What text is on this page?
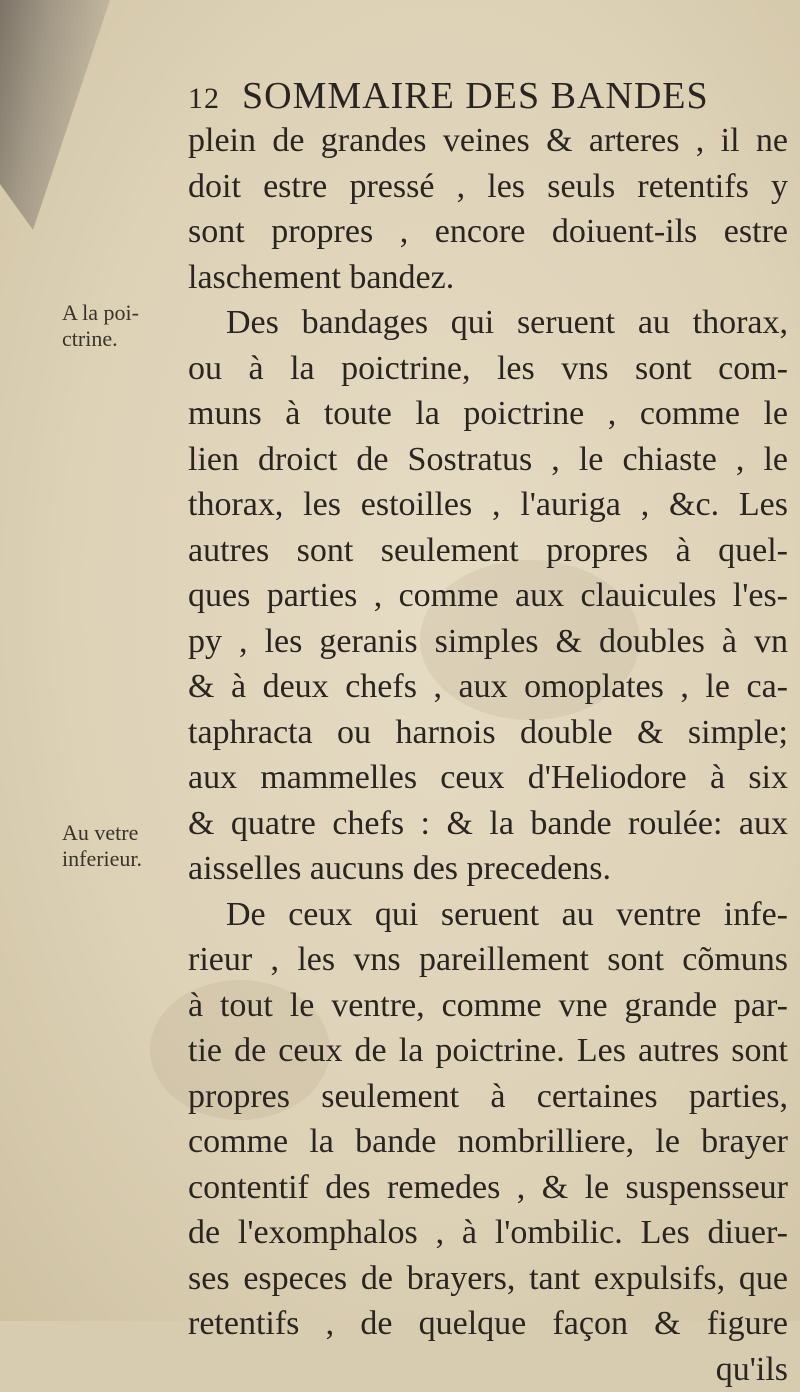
12 SOMMAIRE DES BANDES
A la poi-
ctrine.
Au vetre
inferieur.
plein de grandes veines & arteres , il ne
doit estre pressé , les seuls retentifs y
sont propres , encore doiuent-ils estre
laschement bandez.
Des bandages qui seruent au thorax,
ou à la poictrine, les vns sont com-
muns à toute la poictrine , comme le
lien droict de Sostratus , le chiaste , le
thorax, les estoilles , l'auriga , &c. Les
autres sont seulement propres à quel-
ques parties , comme aux clauicules l'es-
py , les geranis simples & doubles à vn
& à deux chefs , aux omoplates , le ca-
taphracta ou harnois double & simple;
aux mammelles ceux d'Heliodore à six
& quatre chefs : & la bande roulée: aux
aisselles aucuns des precedens.
De ceux qui seruent au ventre infe-
rieur , les vns pareillement sont cõmuns
à tout le ventre, comme vne grande par-
tie de ceux de la poictrine. Les autres sont
propres seulement à certaines parties,
comme la bande nombrilliere, le brayer
contentif des remedes , & le suspensseur
de l'exomphalos , à l'ombilic. Les diuer-
ses especes de brayers, tant expulsifs, que
retentifs , de quelque façon & figure
qu'ils
